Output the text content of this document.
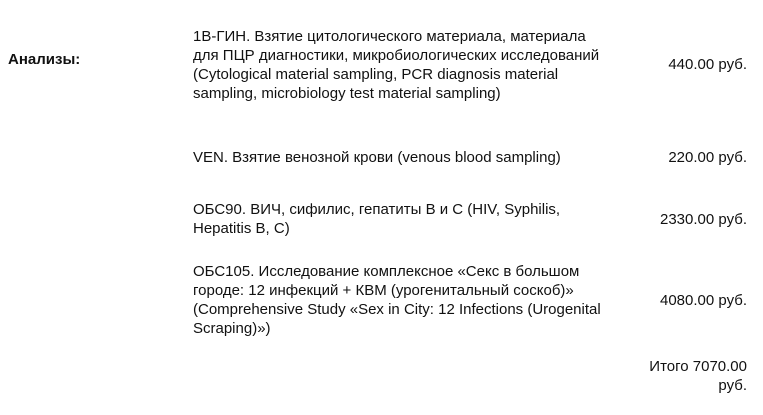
Анализы:
1В-ГИН. Взятие цитологического материала, материала для ПЦР диагностики, микробиологических исследований (Cytological material sampling, PCR diagnosis material sampling, microbiology test material sampling)
440.00 руб.
VEN. Взятие венозной крови (venous blood sampling)	220.00 руб.
ОБС90. ВИЧ, сифилис, гепатиты В и С (HIV, Syphilis, Hepatitis B, C)
2330.00 руб.
ОБС105. Исследование комплексное «Секс в большом городе: 12 инфекций + КВМ (урогенитальный соскоб)» (Comprehensive Study «Sex in City: 12 Infections (Urogenital Scraping)»)
4080.00 руб.
Итого 7070.00 руб.
